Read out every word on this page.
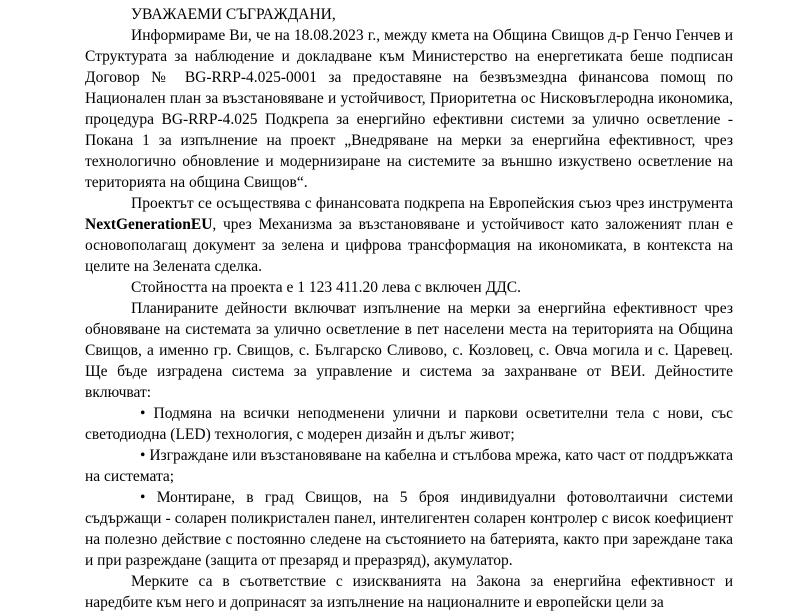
УВАЖАЕМИ СЪГРАЖДАНИ,

Информираме Ви, че на 18.08.2023 г., между кмета на Община Свищов д-р Генчо Генчев и Структурата за наблюдение и докладване към Министерство на енергетиката беше подписан Договор № BG-RRP-4.025-0001 за предоставяне на безвъзмездна финансова помощ по Национален план за възстановяване и устойчивост, Приоритетна ос Нисковъглеродна икономика, процедура BG-RRP-4.025 Подкрепа за енергийно ефективни системи за улично осветление - Покана 1 за изпълнение на проект „Внедряване на мерки за енергийна ефективност, чрез технологично обновление и модернизиране на системите за външно изкуствено осветление на територията на община Свищов“.

Проектът се осъществява с финансовата подкрепа на Европейския съюз чрез инструмента NextGenerationEU, чрез Механизма за възстановяване и устойчивост като заложеният план е основополагащ документ за зелена и цифрова трансформация на икономиката, в контекста на целите на Зелената сделка.

Стойността на проекта е 1 123 411.20 лева с включен ДДС.

Планираните дейности включват изпълнение на мерки за енергийна ефективност чрез обновяване на системата за улично осветление в пет населени места на територията на Община Свищов, а именно гр. Свищов, с. Българско Сливово, с. Козловец, с. Овча могила и с. Царевец. Ще бъде изградена система за управление и система за захранване от ВЕИ. Дейностите включват:

• Подмяна на всички неподменени улични и паркови осветителни тела с нови, със светодиодна (LED) технология, с модерен дизайн и дълъг живот;

• Изграждане или възстановяване на кабелна и стълбова мрежа, като част от поддръжката на системата;

• Монтиране, в град Свищов, на 5 броя индивидуални фотоволтаични системи съдържащи - соларен поликристален панел, интелигентен соларен контролер с висок коефициент на полезно действие с постоянно следене на състоянието на батерията, както при зареждане така и при разреждане (защита от презаряд и преразряд), акумулатор.

Мерките са в съответствие с изискванията на Закона за енергийна ефективност и наредбите към него и допринасят за изпълнение на националните и европейски цели за
